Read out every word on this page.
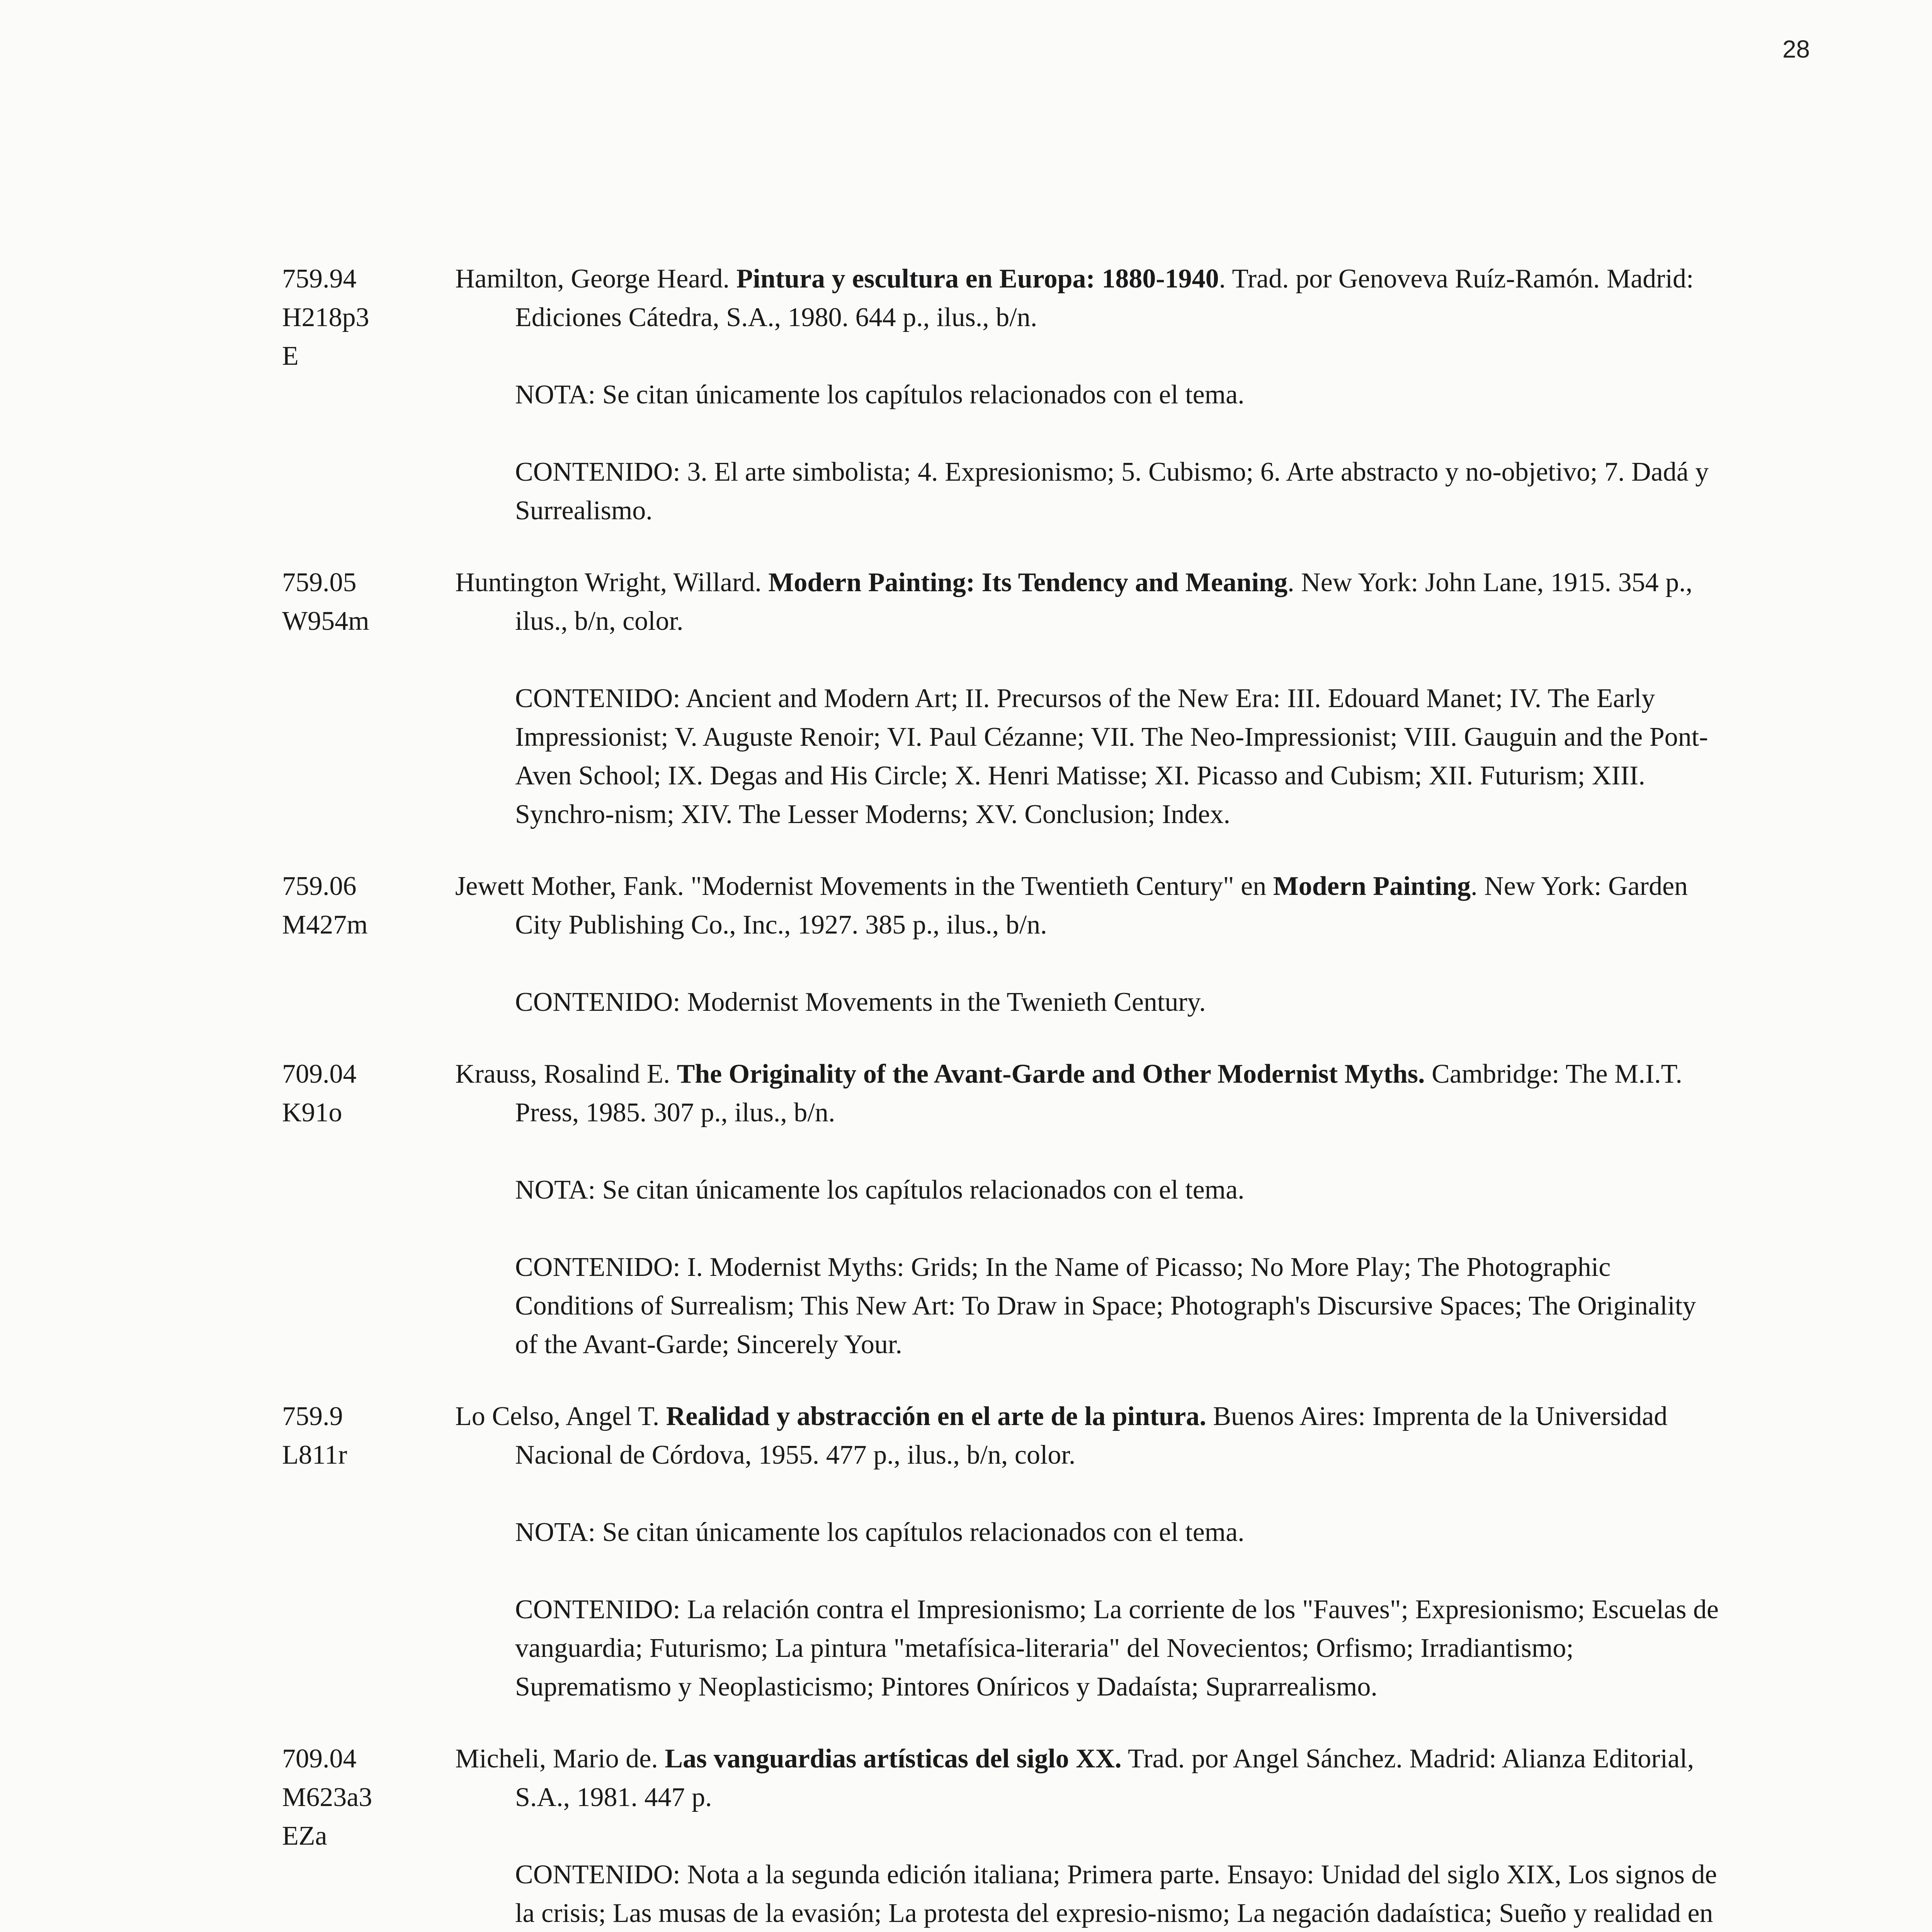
28
759.94
H218p3
E
Hamilton, George Heard. Pintura y escultura en Europa: 1880-1940. Trad. por Genoveva Ruíz-Ramón. Madrid: Ediciones Cátedra, S.A., 1980. 644 p., ilus., b/n.
NOTA: Se citan únicamente los capítulos relacionados con el tema.
CONTENIDO: 3. El arte simbolista; 4. Expresionismo; 5. Cubismo; 6. Arte abstracto y no-objetivo; 7. Dadá y Surrealismo.
759.05
W954m
Huntington Wright, Willard. Modern Painting: Its Tendency and Meaning. New York: John Lane, 1915. 354 p., ilus., b/n, color.
CONTENIDO: Ancient and Modern Art; II. Precursos of the New Era: III. Edouard Manet; IV. The Early Impressionist; V. Auguste Renoir; VI. Paul Cézanne; VII. The Neo-Impressionist; VIII. Gauguin and the Pont-Aven School; IX. Degas and His Circle; X. Henri Matisse; XI. Picasso and Cubism; XII. Futurism; XIII. Synchro-nism; XIV. The Lesser Moderns; XV. Conclusion; Index.
759.06
M427m
Jewett Mother, Fank. "Modernist Movements in the Twentieth Century" en Modern Painting. New York: Garden City Publishing Co., Inc., 1927. 385 p., ilus., b/n.
CONTENIDO: Modernist Movements in the Twenieth Century.
709.04
K91o
Krauss, Rosalind E. The Originality of the Avant-Garde and Other Modernist Myths. Cambridge: The M.I.T. Press, 1985. 307 p., ilus., b/n.
NOTA: Se citan únicamente los capítulos relacionados con el tema.
CONTENIDO: I. Modernist Myths: Grids; In the Name of Picasso; No More Play; The Photographic Conditions of Surrealism; This New Art: To Draw in Space; Photograph's Discursive Spaces; The Originality of the Avant-Garde; Sincerely Your.
759.9
L811r
Lo Celso, Angel T. Realidad y abstracción en el arte de la pintura. Buenos Aires: Imprenta de la Universidad Nacional de Córdova, 1955. 477 p., ilus., b/n, color.
NOTA: Se citan únicamente los capítulos relacionados con el tema.
CONTENIDO: La relación contra el Impresionismo; La corriente de los "Fauves"; Expresionismo; Escuelas de vanguardia; Futurismo; La pintura "metafísica-literaria" del Novecientos; Orfismo; Irradiantismo; Suprematismo y Neoplasticismo; Pintores Oníricos y Dadaísta; Suprarrealismo.
709.04
M623a3
EZa
Micheli, Mario de. Las vanguardias artísticas del siglo XX. Trad. por Angel Sánchez. Madrid: Alianza Editorial, S.A., 1981. 447 p.
CONTENIDO: Nota a la segunda edición italiana; Primera parte. Ensayo: Unidad del siglo XIX, Los signos de la crisis; Las musas de la evasión; La protesta del expresio-nismo; La negación dadaística; Sueño y realidad en
